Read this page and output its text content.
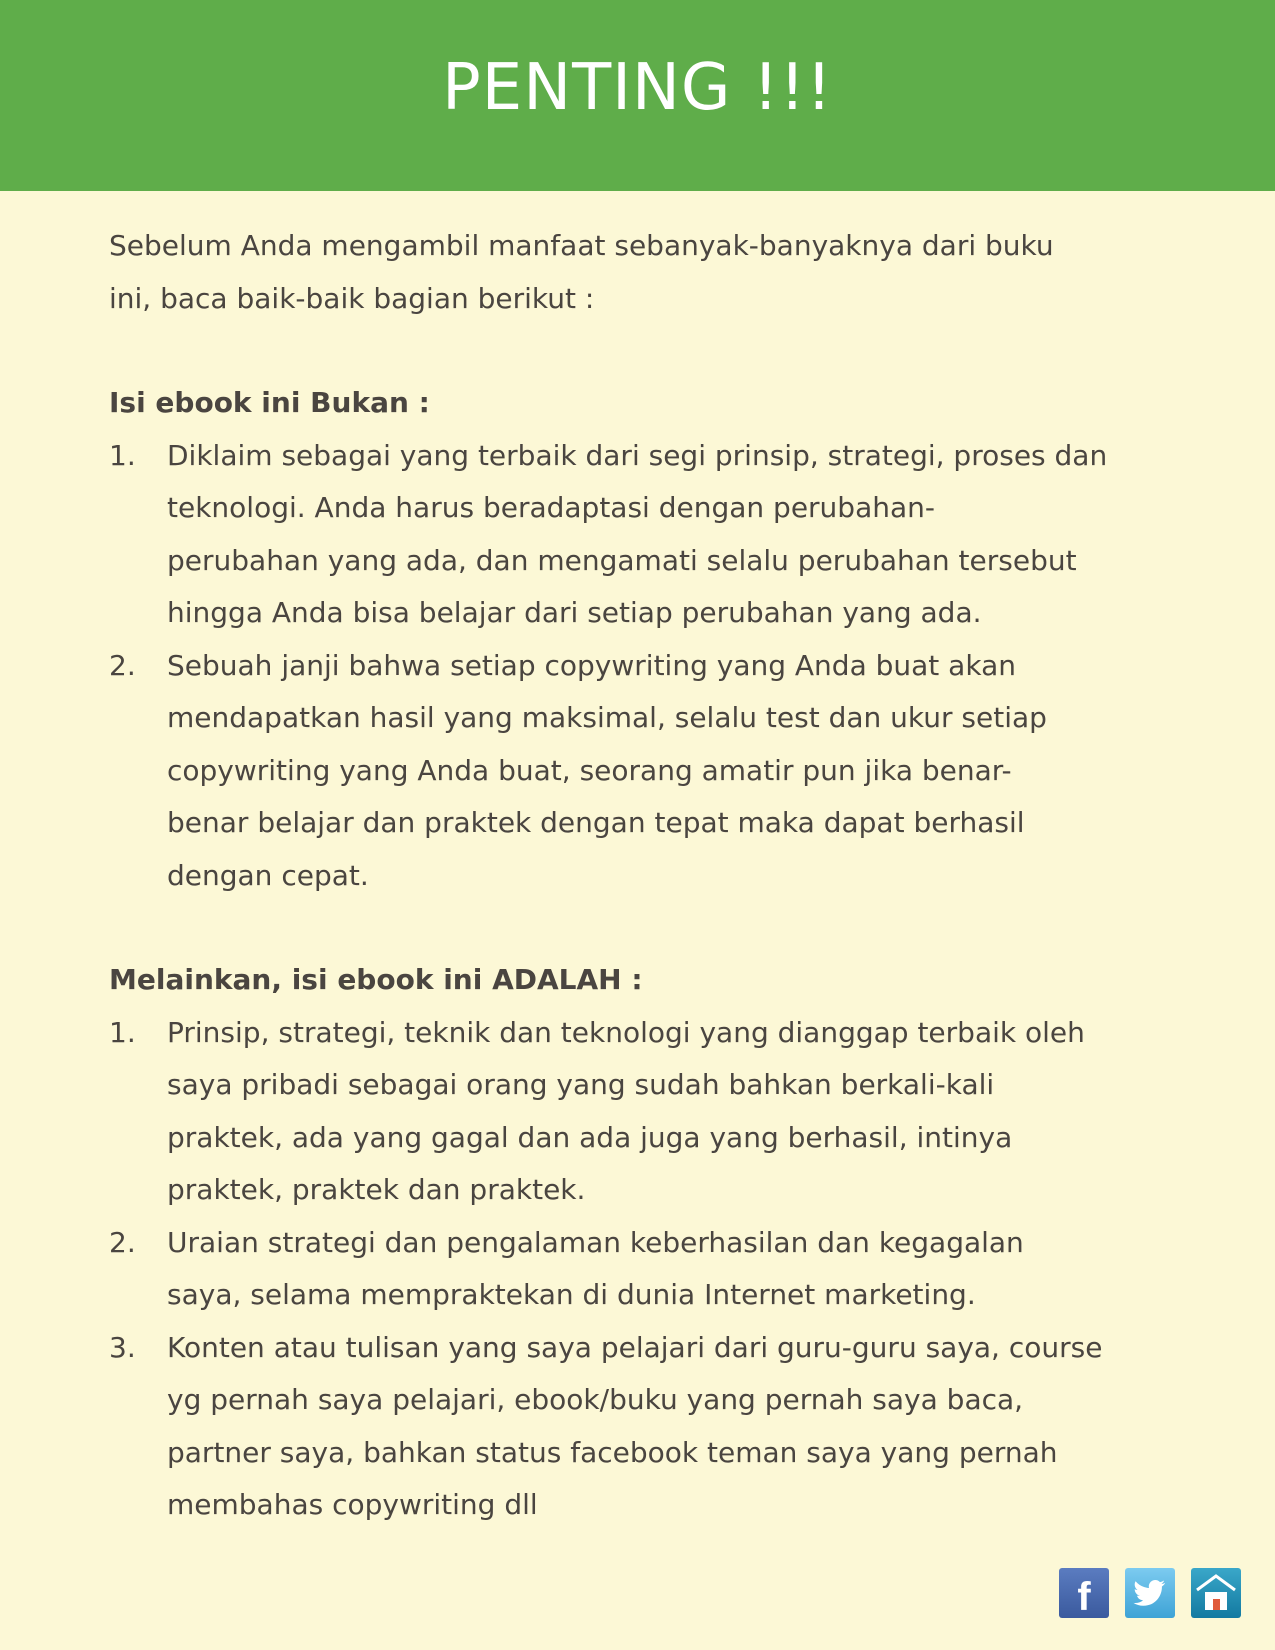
PENTING !!!

Sebelum Anda mengambil manfaat sebanyak-banyaknya dari buku

ini, baca baik-baik bagian berikut :

Isi ebook ini Bukan :

1. Diklaim sebagai yang terbaik dari segi prinsip, strategi, proses dan
teknologi. Anda harus beradaptasi dengan perubahan-
perubahan yang ada, dan mengamati selalu perubahan tersebut
hingga Anda bisa belajar dari setiap perubahan yang ada.
2. Sebuah janji bahwa setiap copywriting yang Anda buat akan
mendapatkan hasil yang maksimal, selalu test dan ukur setiap
copywriting yang Anda buat, seorang amatir pun jika benar-
benar belajar dan praktek dengan tepat maka dapat berhasil
dengan cepat.

Melainkan, isi ebook ini ADALAH :

1. Prinsip, strategi, teknik dan teknologi yang dianggap terbaik oleh
saya pribadi sebagai orang yang sudah bahkan berkali-kali
praktek, ada yang gagal dan ada juga yang berhasil, intinya
praktek, praktek dan praktek.
2. Uraian strategi dan pengalaman keberhasilan dan kegagalan
saya, selama mempraktekan di dunia Internet marketing.
3. Konten atau tulisan yang saya pelajari dari guru-guru saya, course
yg pernah saya pelajari, ebook/buku yang pernah saya baca,
partner saya, bahkan status facebook teman saya yang pernah
membahas copywriting dll
f
